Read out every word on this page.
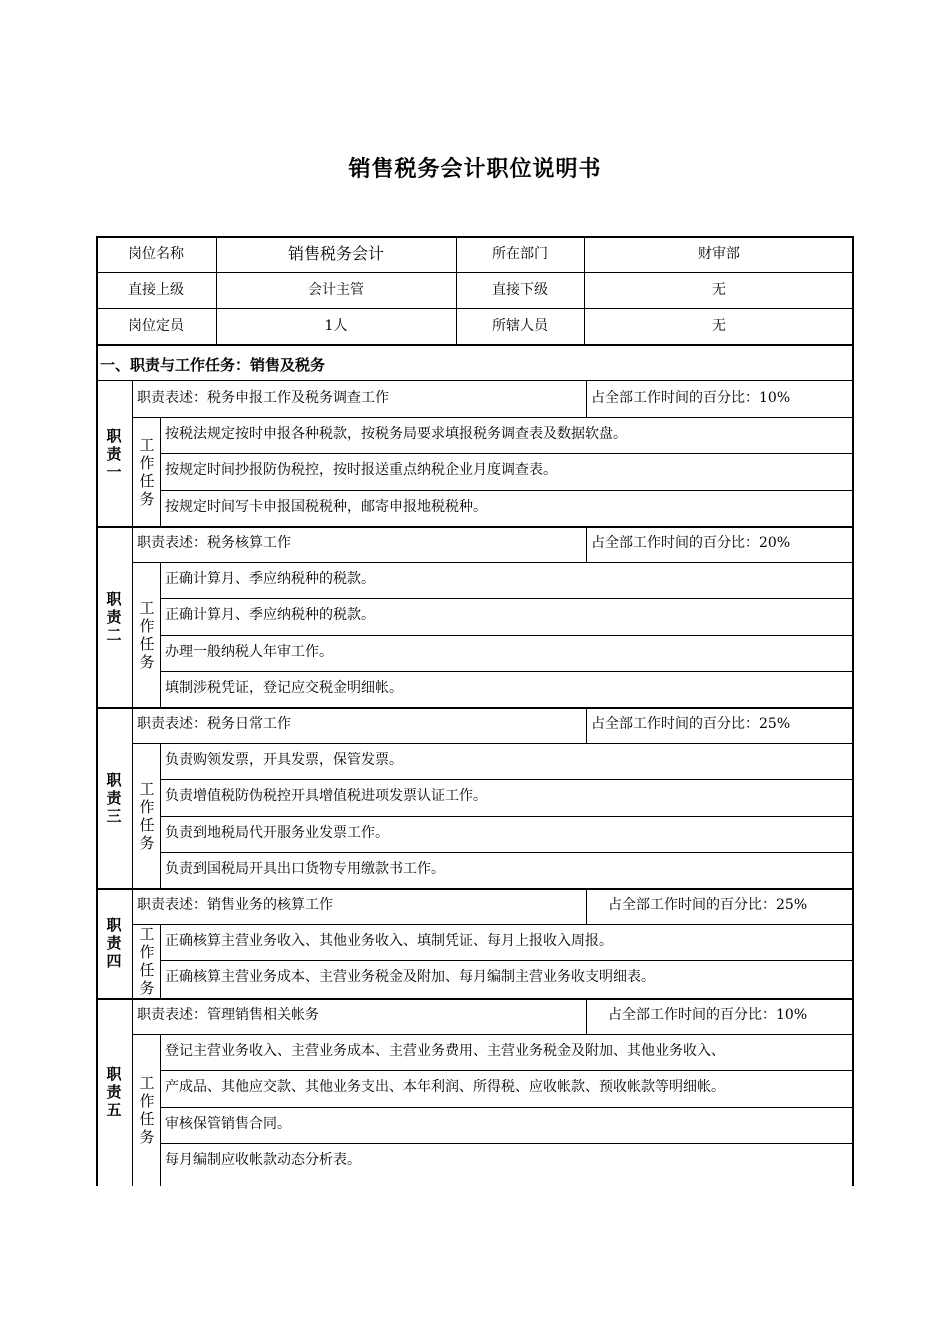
销售税务会计职位说明书
岗位名称	销售税务会计	所在部门	财审部
直接上级	会计主管	直接下级	无
岗位定员	1人	所辖人员	无
一、职责与工作任务：销售及税务
职责一
职责表述：税务申报工作及税务调查工作	占全部工作时间的百分比：10%
工作任务
按税法规定按时申报各种税款，按税务局要求填报税务调查表及数据软盘。
按规定时间抄报防伪税控，按时报送重点纳税企业月度调查表。
按规定时间写卡申报国税税种，邮寄申报地税税种。
职责二
职责表述：税务核算工作	占全部工作时间的百分比：20%
工作任务
正确计算月、季应纳税种的税款。
正确计算月、季应纳税种的税款。
办理一般纳税人年审工作。
填制涉税凭证，登记应交税金明细帐。
职责三
职责表述：税务日常工作	占全部工作时间的百分比：25%
工作任务
负责购领发票，开具发票，保管发票。
负责增值税防伪税控开具增值税进项发票认证工作。
负责到地税局代开服务业发票工作。
负责到国税局开具出口货物专用缴款书工作。
职责四
职责表述：销售业务的核算工作	占全部工作时间的百分比：25%
工作任务
正确核算主营业务收入、其他业务收入、填制凭证、每月上报收入周报。
正确核算主营业务成本、主营业务税金及附加、每月编制主营业务收支明细表。
职责五
职责表述：管理销售相关帐务	占全部工作时间的百分比：10%
工作任务
登记主营业务收入、主营业务成本、主营业务费用、主营业务税金及附加、其他业务收入、
产成品、其他应交款、其他业务支出、本年利润、所得税、应收帐款、预收帐款等明细帐。
审核保管销售合同。
每月编制应收帐款动态分析表。
